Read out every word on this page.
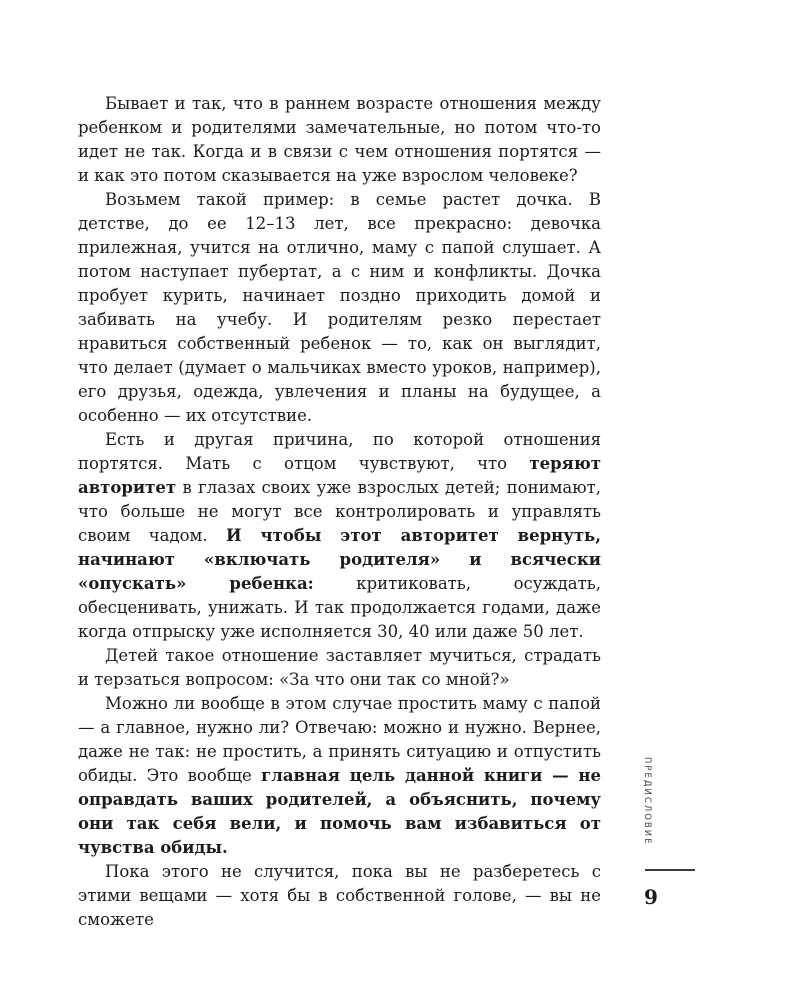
Бывает и так, что в раннем возрасте отношения между ребенком и родителями замечательные, но потом что-то идет не так. Когда и в связи с чем отношения портятся — и как это потом сказывается на уже взрослом человеке?

Возьмем такой пример: в семье растет дочка. В детстве, до ее 12–13 лет, все прекрасно: девочка прилежная, учится на отлично, маму с папой слушает. А потом наступает пубертат, а с ним и конфликты. Дочка пробует курить, начинает поздно приходить домой и забивать на учебу. И родителям резко перестает нравиться собственный ребенок — то, как он выглядит, что делает (думает о мальчиках вместо уроков, например), его друзья, одежда, увлечения и планы на будущее, а особенно — их отсутствие.

Есть и другая причина, по которой отношения портятся. Мать с отцом чувствуют, что теряют авторитет в глазах своих уже взрослых детей; понимают, что больше не могут все контролировать и управлять своим чадом. И чтобы этот авторитет вернуть, начинают «включать родителя» и всячески «опускать» ребенка: критиковать, осуждать, обесценивать, унижать. И так продолжается годами, даже когда отпрыску уже исполняется 30, 40 или даже 50 лет.

Детей такое отношение заставляет мучиться, страдать и терзаться вопросом: «За что они так со мной?»

Можно ли вообще в этом случае простить маму с папой — а главное, нужно ли? Отвечаю: можно и нужно. Вернее, даже не так: не простить, а принять ситуацию и отпустить обиды. Это вообще главная цель данной книги — не оправдать ваших родителей, а объяснить, почему они так себя вели, и помочь вам избавиться от чувства обиды.

Пока этого не случится, пока вы не разберетесь с этими вещами — хотя бы в собственной голове, — вы не сможете

ПРЕДИСЛОВИЕ
9
